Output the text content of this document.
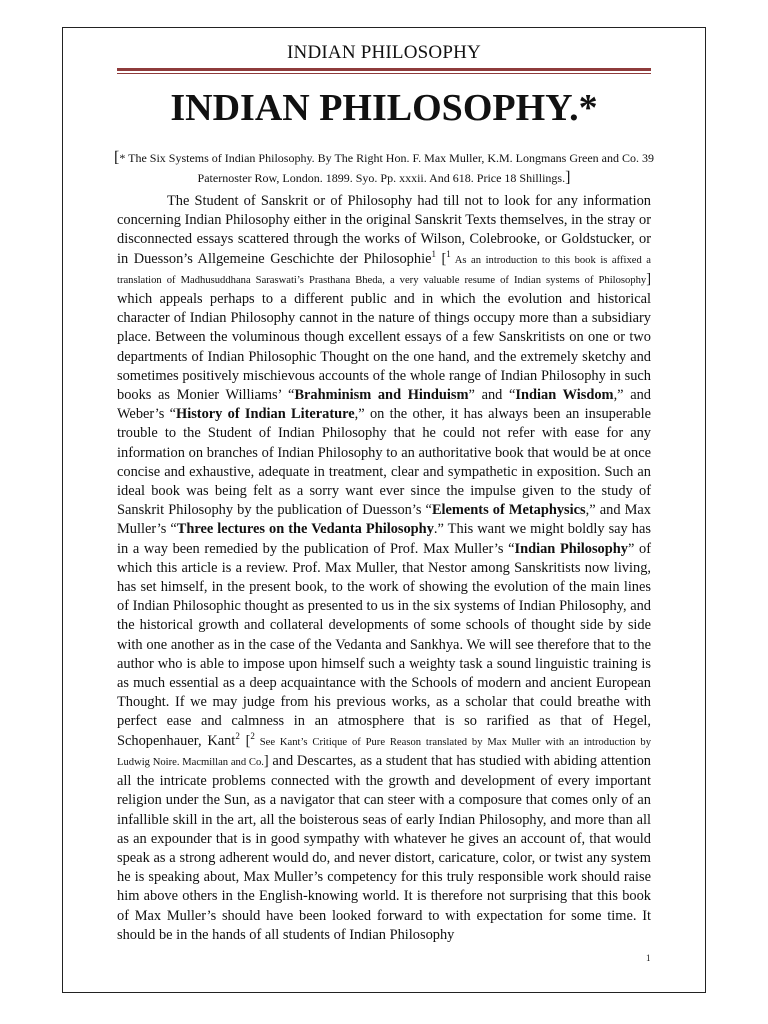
INDIAN PHILOSOPHY
INDIAN PHILOSOPHY.*
[* The Six Systems of Indian Philosophy. By The Right Hon. F. Max Muller, K.M. Longmans Green and Co. 39 Paternoster Row, London. 1899. Syo. Pp. xxxii. And 618. Price 18 Shillings.]

The Student of Sanskrit or of Philosophy had till not to look for any information concerning Indian Philosophy either in the original Sanskrit Texts themselves, in the stray or disconnected essays scattered through the works of Wilson, Colebrooke, or Goldstucker, or in Duesson’s Allgemeine Geschichte der Philosophie$^1$ [$^1$ As an introduction to this book is affixed a translation of Madhusuddhana Saraswati’s Prasthana Bheda, a very valuable resume of Indian systems of Philosophy] which appeals perhaps to a different public and in which the evolution and historical character of Indian Philosophy cannot in the nature of things occupy more than a subsidiary place. Between the voluminous though excellent essays of a few Sanskritists on one or two departments of Indian Philosophic Thought on the one hand, and the extremely sketchy and sometimes positively mischievous accounts of the whole range of Indian Philosophy in such books as Monier Williams’ “Brahminism and Hinduism” and “Indian Wisdom,” and Weber’s “History of Indian Literature,” on the other, it has always been an insuperable trouble to the Student of Indian Philosophy that he could not refer with ease for any information on branches of Indian Philosophy to an authoritative book that would be at once concise and exhaustive, adequate in treatment, clear and sympathetic in exposition. Such an ideal book was being felt as a sorry want ever since the impulse given to the study of Sanskrit Philosophy by the publication of Duesson’s “Elements of Metaphysics,” and Max Muller’s “Three lectures on the Vedanta Philosophy.” This want we might boldly say has in a way been remedied by the publication of Prof. Max Muller’s “Indian Philosophy” of which this article is a review. Prof. Max Muller, that Nestor among Sanskritists now living, has set himself, in the present book, to the work of showing the evolution of the main lines of Indian Philosophic thought as presented to us in the six systems of Indian Philosophy, and the historical growth and collateral developments of some schools of thought side by side with one another as in the case of the Vedanta and Sankhya. We will see therefore that to the author who is able to impose upon himself such a weighty task a sound linguistic training is as much essential as a deep acquaintance with the Schools of modern and ancient European Thought. If we may judge from his previous works, as a scholar that could breathe with perfect ease and calmness in an atmosphere that is so rarified as that of Hegel, Schopenhauer, Kant$^2$ [$^2$ See Kant’s Critique of Pure Reason translated by Max Muller with an introduction by Ludwig Noire. Macmillan and Co.] and Descartes, as a student that has studied with abiding attention all the intricate problems connected with the growth and development of every important religion under the Sun, as a navigator that can steer with a composure that comes only of an infallible skill in the art, all the boisterous seas of early Indian Philosophy, and more than all as an expounder that is in good sympathy with whatever he gives an account of, that would speak as a strong adherent would do, and never distort, caricature, color, or twist any system he is speaking about, Max Muller’s competency for this truly responsible work should raise him above others in the English-knowing world. It is therefore not surprising that this book of Max Muller’s should have been looked forward to with expectation for some time. It should be in the hands of all students of Indian Philosophy

1
